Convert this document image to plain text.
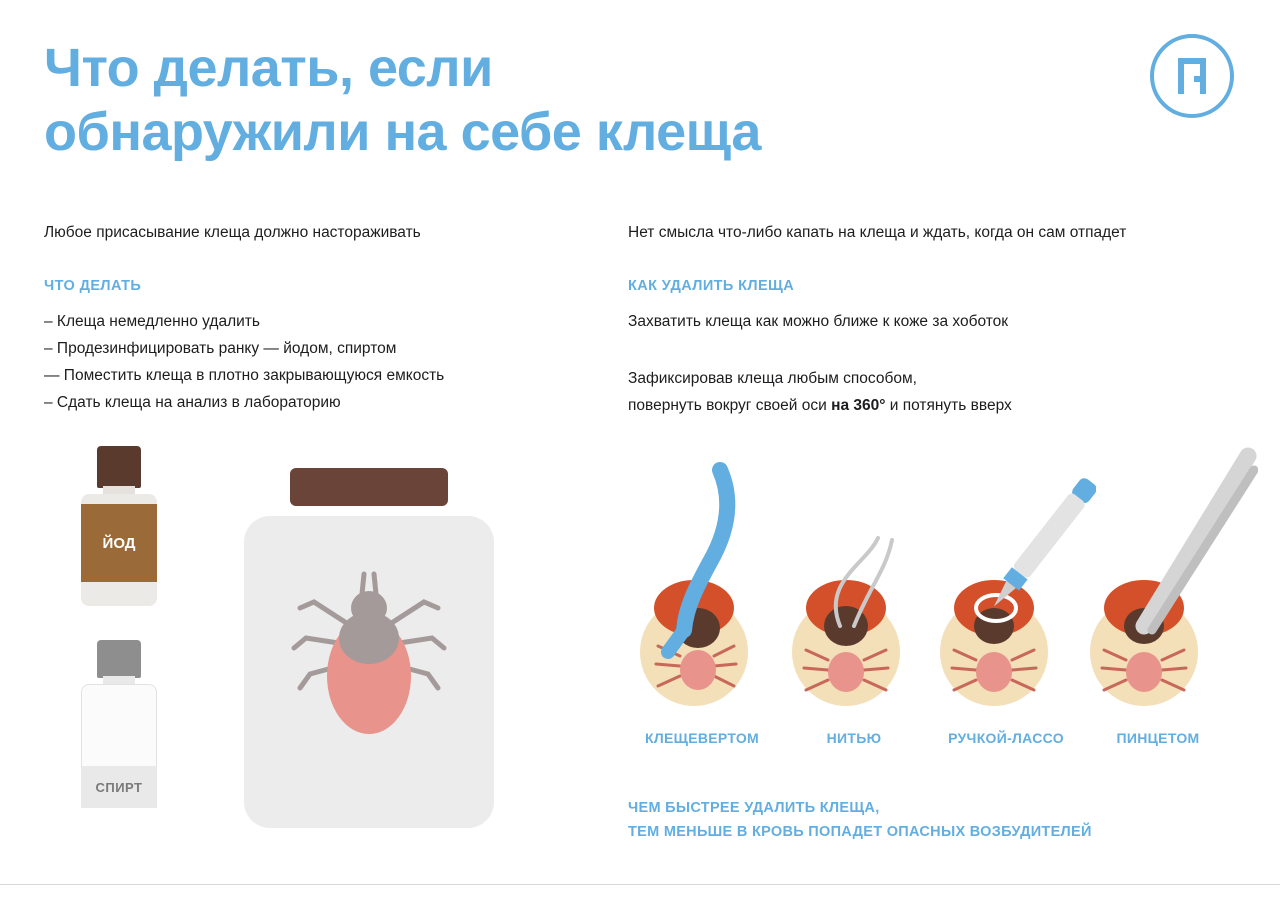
Что делать, если
обнаружили на себе клеща

Любое присасывание клеща должно настораживать

ЧТО ДЕЛАТЬ

– Клеща немедленно удалить
– Продезинфицировать ранку — йодом, спиртом
— Поместить клеща в плотно закрывающуюся емкость
– Сдать клеща на анализ в лабораторию

Нет смысла что-либо капать на клеща и ждать, когда он сам отпадет

КАК УДАЛИТЬ КЛЕЩА

Захватить клеща как можно ближе к коже за хоботок

Зафиксировав клеща любым способом,
повернуть вокруг своей оси на 360° и потянуть вверх

ЙОД
СПИРТ
КЛЕЩЕВЕРТОМ	НИТЬЮ	РУЧКОЙ-ЛАССО	ПИНЦЕТОМ
ЧЕМ БЫСТРЕЕ УДАЛИТЬ КЛЕЩА,
ТЕМ МЕНЬШЕ В КРОВЬ ПОПАДЕТ ОПАСНЫХ ВОЗБУДИТЕЛЕЙ
